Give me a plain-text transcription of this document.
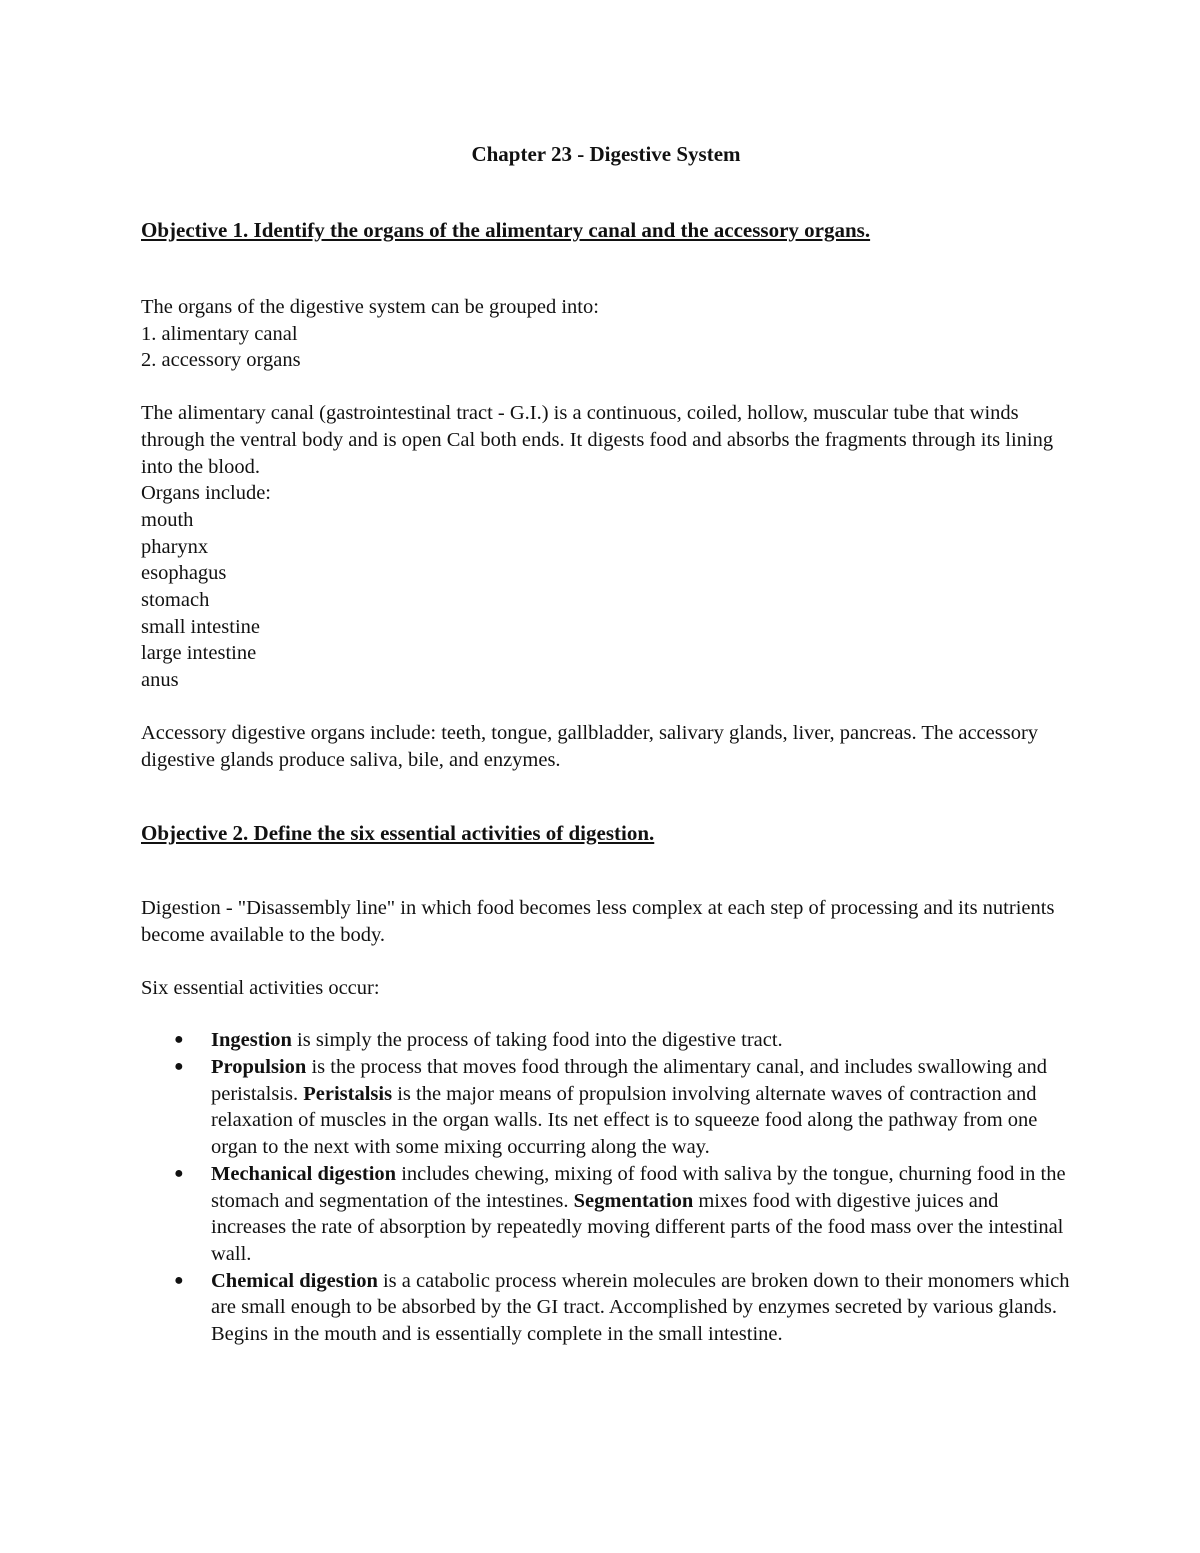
Chapter 23 - Digestive System
Objective 1. Identify the organs of the alimentary canal and the accessory organs.
The organs of the digestive system can be grouped into:
1. alimentary canal
2. accessory organs

The alimentary canal (gastrointestinal tract - G.I.) is a continuous, coiled, hollow, muscular tube that winds through the ventral body and is open Cal both ends. It digests food and absorbs the fragments through its lining into the blood.

Organs include:
mouth
pharynx
esophagus
stomach
small intestine
large intestine
anus

Accessory digestive organs include: teeth, tongue, gallbladder, salivary glands, liver, pancreas. The accessory digestive glands produce saliva, bile, and enzymes.

Objective 2. Define the six essential activities of digestion.

Digestion - "Disassembly line" in which food becomes less complex at each step of processing and its nutrients become available to the body.

Six essential activities occur:
● Ingestion is simply the process of taking food into the digestive tract.
● Propulsion is the process that moves food through the alimentary canal, and includes swallowing and peristalsis. Peristalsis is the major means of propulsion involving alternate waves of contraction and relaxation of muscles in the organ walls. Its net effect is to squeeze food along the pathway from one organ to the next with some mixing occurring along the way.
● Mechanical digestion includes chewing, mixing of food with saliva by the tongue, churning food in the stomach and segmentation of the intestines. Segmentation mixes food with digestive juices and increases the rate of absorption by repeatedly moving different parts of the food mass over the intestinal wall.
● Chemical digestion is a catabolic process wherein molecules are broken down to their monomers which are small enough to be absorbed by the GI tract. Accomplished by enzymes secreted by various glands. Begins in the mouth and is essentially complete in the small intestine.
